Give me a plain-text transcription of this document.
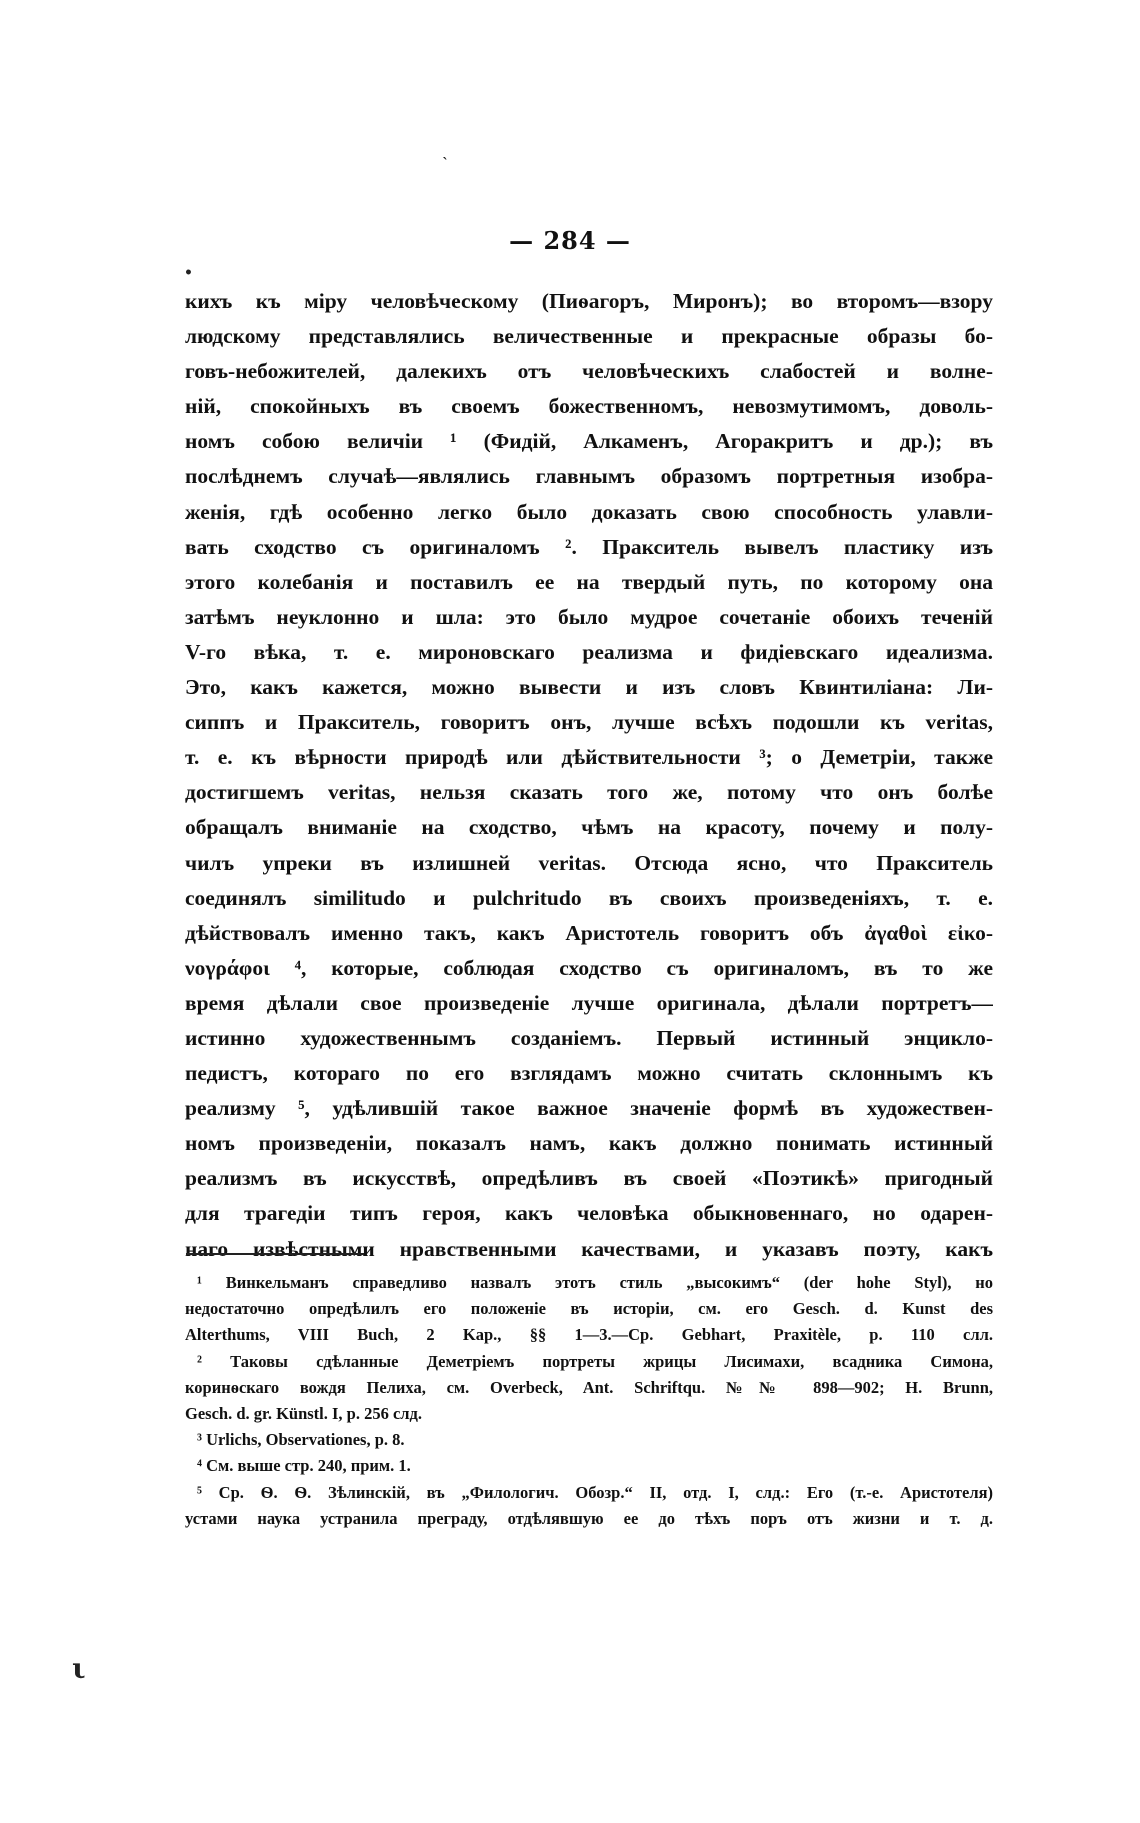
ˋ
•
ι
— 284 —
кихъ къ міру человѣческому (Пиѳагоръ, Миронъ); во второмъ—взору
людскому представлялись величественные и прекрасные образы бо-
говъ-небожителей, далекихъ отъ человѣческихъ слабостей и волне-
ній, спокойныхъ въ своемъ божественномъ, невозмутимомъ, доволь-
номъ собою величіи ¹ (Фидій, Алкаменъ, Агоракритъ и др.); въ
послѣднемъ случаѣ—являлись главнымъ образомъ портретныя изобра-
женія, гдѣ особенно легко было доказать свою способность улавли-
вать сходство съ оригиналомъ ². Пракситель вывелъ пластику изъ
этого колебанія и поставилъ ее на твердый путь, по которому она
затѣмъ неуклонно и шла: это было мудрое сочетаніе обоихъ теченій
V-го вѣка, т. е. мироновскаго реализма и фидіевскаго идеализма.
Это, какъ кажется, можно вывести и изъ словъ Квинтиліана: Ли-
сиппъ и Пракситель, говоритъ онъ, лучше всѣхъ подошли къ veritas,
т. е. къ вѣрности природѣ или дѣйствительности ³; о Деметріи, также
достигшемъ veritas, нельзя сказать того же, потому что онъ болѣе
обращалъ вниманіе на сходство, чѣмъ на красоту, почему и полу-
чилъ упреки въ излишней veritas. Отсюда ясно, что Пракситель
соединялъ similitudo и pulchritudo въ своихъ произведеніяхъ, т. е.
дѣйствовалъ именно такъ, какъ Аристотель говоритъ объ ἀγαθοὶ εἰκο-
νογράφοι ⁴, которые, соблюдая сходство съ оригиналомъ, въ то же
время дѣлали свое произведеніе лучше оригинала, дѣлали портретъ—
истинно художественнымъ созданіемъ. Первый истинный энцикло-
педистъ, котораго по его взглядамъ можно считать склоннымъ къ
реализму ⁵, удѣлившій такое важное значеніе формѣ въ художествен-
номъ произведеніи, показалъ намъ, какъ должно понимать истинный
реализмъ въ искусствѣ, опредѣливъ въ своей «Поэтикѣ» пригодный
для трагедіи типъ героя, какъ человѣка обыкновеннаго, но одарен-
наго извѣстными нравственными качествами, и указавъ поэту, какъ
¹ Винкельманъ справедливо назвалъ этотъ стиль „высокимъ“ (der hohe Styl), но
недостаточно опредѣлилъ его положеніе въ исторіи, см. его Gesch. d. Kunst des
Alterthums, VIII Buch, 2 Kap., §§ 1—3.—Cp. Gebhart, Praxitèle, p. 110 слл.
² Таковы сдѣланные Деметріемъ портреты жрицы Лисимахи, всадника Симона,
коринѳскаго вождя Пелиха, см. Overbeck, Ant. Schriftqu. №№ 898—902; H. Brunn,
Gesch. d. gr. Künstl. I, p. 256 слд.
³ Urlichs, Observationes, p. 8.
⁴ См. выше стр. 240, прим. 1.
⁵ Ср. Ѳ. Ѳ. Зѣлинскій, въ „Филологич. Обозр.“ II, отд. I, слд.: Его (т.-е. Аристотеля)
устами наука устранила преграду, отдѣлявшую ее до тѣхъ поръ отъ жизни и т. д.
